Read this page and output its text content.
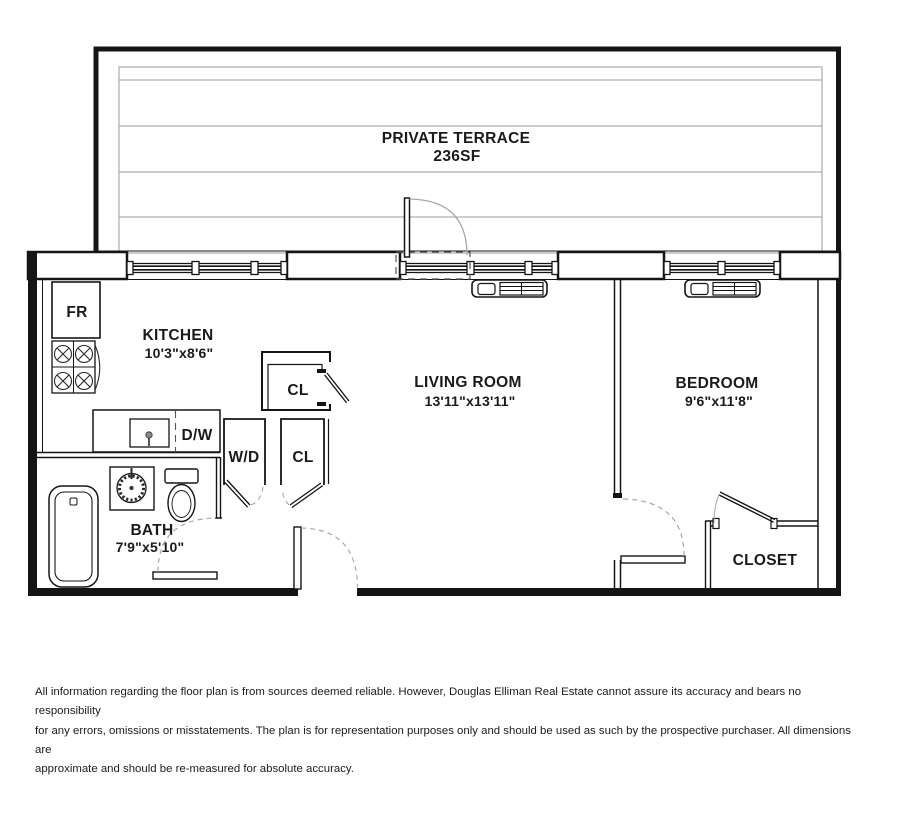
PRIVATE TERRACE
236SF
FR
KITCHEN
10'3"x8'6"
D/W
CL
W/D CL
BATH
7'9"x5'10"
LIVING ROOM
13'11"x13'11"
BEDROOM
9'6"x11'8"
CLOSET
All information regarding the floor plan is from sources deemed reliable. However, Douglas Elliman Real Estate cannot assure its accuracy and bears no responsibility
for any errors, omissions or misstatements. The plan is for representation purposes only and should be used as such by the prospective purchaser. All dimensions are
approximate and should be re-measured for absolute accuracy.
